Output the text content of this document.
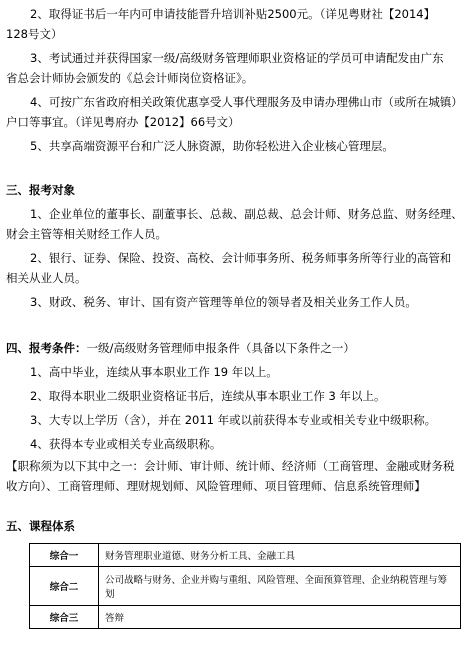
2、取得证书后一年内可申请技能晋升培训补贴2500元。（详见粤财社【2014】
128号文）
3、考试通过并获得国家一级/高级财务管理师职业资格证的学员可申请配发由广东
省总会计师协会颁发的《总会计师岗位资格证》。
4、可按广东省政府相关政策优惠享受人事代理服务及申请办理佛山市（或所在城镇）
户口等事宜。（详见粤府办【2012】66号文）
5、共享高端资源平台和广泛人脉资源，助你轻松进入企业核心管理层。
三、报考对象
1、企业单位的董事长、副董事长、总裁、副总裁、总会计师、财务总监、财务经理、
财会主管等相关财经工作人员。
2、银行、证券、保险、投资、高校、会计师事务所、税务师事务所等行业的高管和
相关从业人员。
3、财政、税务、审计、国有资产管理等单位的领导者及相关业务工作人员。
四、报考条件：一级/高级财务管理师申报条件（具备以下条件之一）
1、高中毕业，连续从事本职业工作 19 年以上。
2、取得本职业二级职业资格证书后，连续从事本职业工作 3 年以上。
3、大专以上学历（含），并在 2011 年或以前获得本专业或相关专业中级职称。
4、获得本专业或相关专业高级职称。
【职称须为以下其中之一：会计师、审计师、统计师、经济师（工商管理、金融或财务税
收方向）、工商管理师、理财规划师、风险管理师、项目管理师、信息系统管理师】
五、课程体系
综合一	财务管理职业道德、财务分析工具、金融工具
综合二	公司战略与财务、企业并购与重组、风险管理、全面预算管理、企业纳税管理与筹划
综合三	答辩
